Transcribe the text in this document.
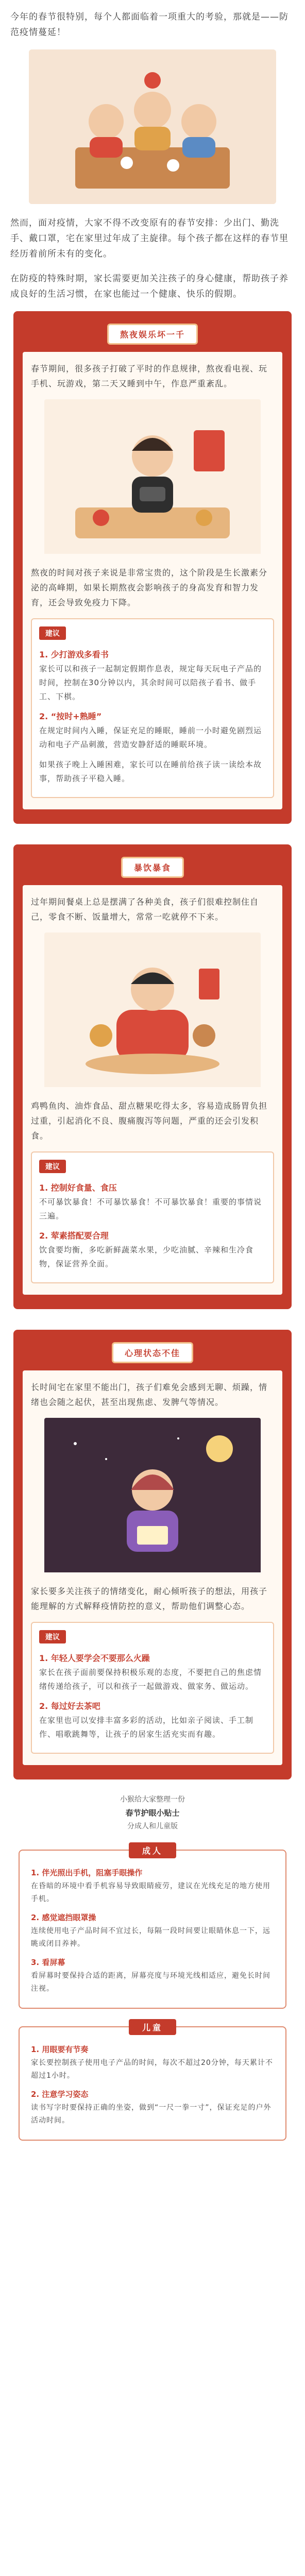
今年的春节很特别，每个人都面临着一项重大的考验，那就是——防范疫情蔓延！

然而，面对疫情，大家不得不改变原有的春节安排：少出门、勤洗手、戴口罩，宅在家里过年成了主旋律。每个孩子都在这样的春节里经历着前所未有的变化。

在防疫的特殊时期，家长需要更加关注孩子的身心健康，帮助孩子养成良好的生活习惯，在家也能过一个健康、快乐的假期。

熬夜娱乐坏一千

春节期间，很多孩子打破了平时的作息规律，熬夜看电视、玩手机、玩游戏，第二天又睡到中午，作息严重紊乱。

熬夜的时间对孩子来说是非常宝贵的，这个阶段是生长激素分泌的高峰期，如果长期熬夜会影响孩子的身高发育和智力发育，还会导致免疫力下降。

建议
1. 少打游戏多看书

家长可以和孩子一起制定假期作息表，规定每天玩电子产品的时间，控制在30分钟以内，其余时间可以陪孩子看书、做手工、下棋。

2. “按时+熟睡”

在规定时间内入睡，保证充足的睡眠，睡前一小时避免剧烈运动和电子产品刺激，营造安静舒适的睡眠环境。

如果孩子晚上入睡困难，家长可以在睡前给孩子读一读绘本故事，帮助孩子平稳入睡。

暴饮暴食

过年期间餐桌上总是摆满了各种美食，孩子们很难控制住自己，零食不断、饭量增大，常常一吃就停不下来。

鸡鸭鱼肉、油炸食品、甜点糖果吃得太多，容易造成肠胃负担过重，引起消化不良、腹痛腹泻等问题，严重的还会引发积食。

建议
1. 控制好食量、食压

不可暴饮暴食！不可暴饮暴食！不可暴饮暴食！重要的事情说三遍。

2. 荤素搭配要合理

饮食要均衡，多吃新鲜蔬菜水果，少吃油腻、辛辣和生冷食物，保证营养全面。

心理状态不佳

长时间宅在家里不能出门，孩子们难免会感到无聊、烦躁，情绪也会随之起伏，甚至出现焦虑、发脾气等情况。

家长要多关注孩子的情绪变化，耐心倾听孩子的想法，用孩子能理解的方式解释疫情防控的意义，帮助他们调整心态。

建议
1. 年轻人要学会不要那么火躁

家长在孩子面前要保持积极乐观的态度，不要把自己的焦虑情绪传递给孩子，可以和孩子一起做游戏、做家务、做运动。

2. 每过好去茶吧

在家里也可以安排丰富多彩的活动，比如亲子阅读、手工制作、唱歌跳舞等，让孩子的居家生活充实而有趣。

小猴给大家整理一份
春节护眼小贴士
分成人和儿童版
成人
1. 伴光照出手机，阻塞手眼操作

在昏暗的环境中看手机容易导致眼睛疲劳，建议在光线充足的地方使用手机。

2. 感觉遮挡眼罩操

连续使用电子产品时间不宜过长，每隔一段时间要让眼睛休息一下，远眺或闭目养神。

3. 看屏幕

看屏幕时要保持合适的距离，屏幕亮度与环境光线相适应，避免长时间注视。

儿童
1. 用眼要有节奏

家长要控制孩子使用电子产品的时间，每次不超过20分钟，每天累计不超过1小时。

2. 注意学习姿态

读书写字时要保持正确的坐姿，做到“一尺一拳一寸”，保证充足的户外活动时间。
